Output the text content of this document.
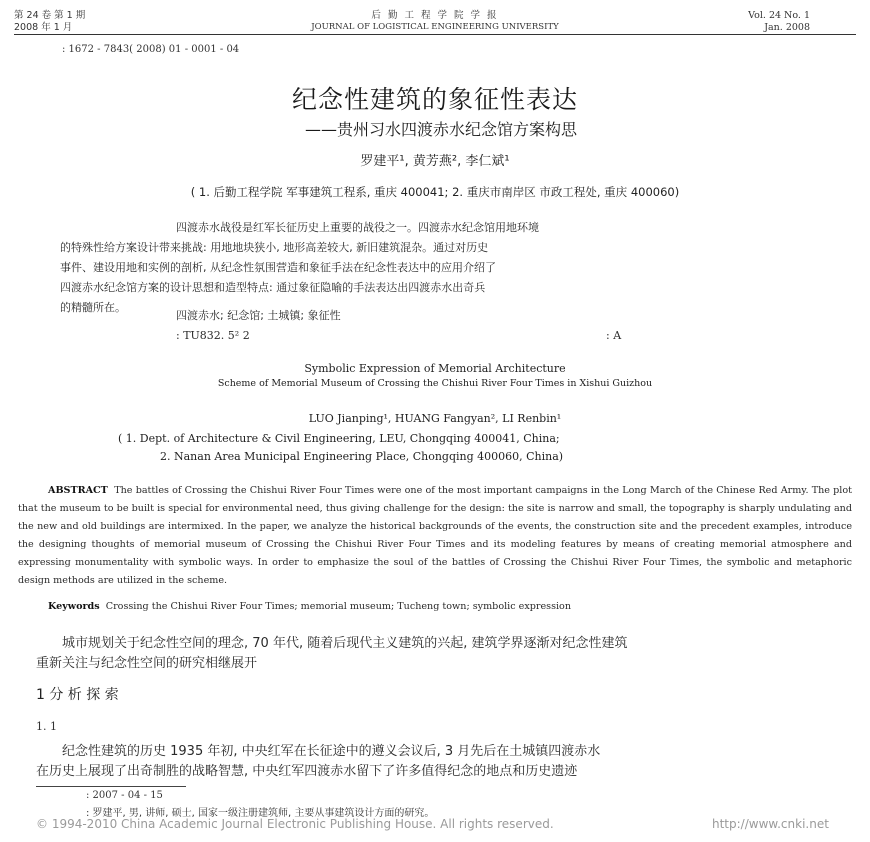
第 24 卷 第 1 期
2008 年 1 月
后 勤 工 程 学 院 学 报
JOURNAL OF LOGISTICAL ENGINEERING UNIVERSITY
Vol. 24 No. 1
Jan. 2008
: 1672 - 7843( 2008) 01 - 0001 - 04
纪念性建筑的象征性表达
——贵州习水四渡赤水纪念馆方案构思
罗建平¹, 黄芳燕², 李仁斌¹
( 1. 后勤工程学院 军事建筑工程系, 重庆 400041; 2. 重庆市南岸区 市政工程处, 重庆 400060)
四渡赤水战役是红军长征历史上重要的战役之一。四渡赤水纪念馆用地环境
的特殊性给方案设计带来挑战: 用地地块狭小, 地形高差较大, 新旧建筑混杂。通过对历史
事件、建设用地和实例的剖析, 从纪念性氛围营造和象征手法在纪念性表达中的应用介绍了
四渡赤水纪念馆方案的设计思想和造型特点: 通过象征隐喻的手法表达出四渡赤水出奇兵
的精髓所在。
四渡赤水; 纪念馆; 土城镇; 象征性
: TU832. 5² 2	: A
Symbolic Expression of Memorial Architecture
Scheme of Memorial Museum of Crossing the Chishui River Four Times in Xishui Guizhou
LUO Jianping¹, HUANG Fangyan², LI Renbin¹
( 1. Dept. of Architecture & Civil Engineering, LEU, Chongqing 400041, China;
2. Nanan Area Municipal Engineering Place, Chongqing 400060, China)
ABSTRACT The battles of Crossing the Chishui River Four Times were one of the most important campaigns in the Long March of the Chinese Red Army. The plot that the museum to be built is special for environmental need, thus giving challenge for the design: the site is narrow and small, the topography is sharply undulating and the new and old buildings are intermixed. In the paper, we analyze the historical backgrounds of the events, the construction site and the precedent examples, introduce the designing thoughts of memorial museum of Crossing the Chishui River Four Times and its modeling features by means of creating memorial atmosphere and expressing monumentality with symbolic ways. In order to emphasize the soul of the battles of Crossing the Chishui River Four Times, the symbolic and metaphoric design methods are utilized in the scheme.
Keywords Crossing the Chishui River Four Times; memorial museum; Tucheng town; symbolic expression
城市规划关于纪念性空间的理念, 70 年代, 随着后现代主义建筑的兴起, 建筑学界逐渐对纪念性建筑
重新关注与纪念性空间的研究相继展开
1 分 析 探 索
1. 1
纪念性建筑的历史 1935 年初, 中央红军在长征途中的遵义会议后, 3 月先后在土城镇四渡赤水
在历史上展现了出奇制胜的战略智慧, 中央红军四渡赤水留下了许多值得纪念的地点和历史遗迹
: 2007 - 04 - 15
: 罗建平, 男, 讲师, 硕士, 国家一级注册建筑师, 主要从事建筑设计方面的研究。
© 1994-2010 China Academic Journal Electronic Publishing House. All rights reserved.	http://www.cnki.net
